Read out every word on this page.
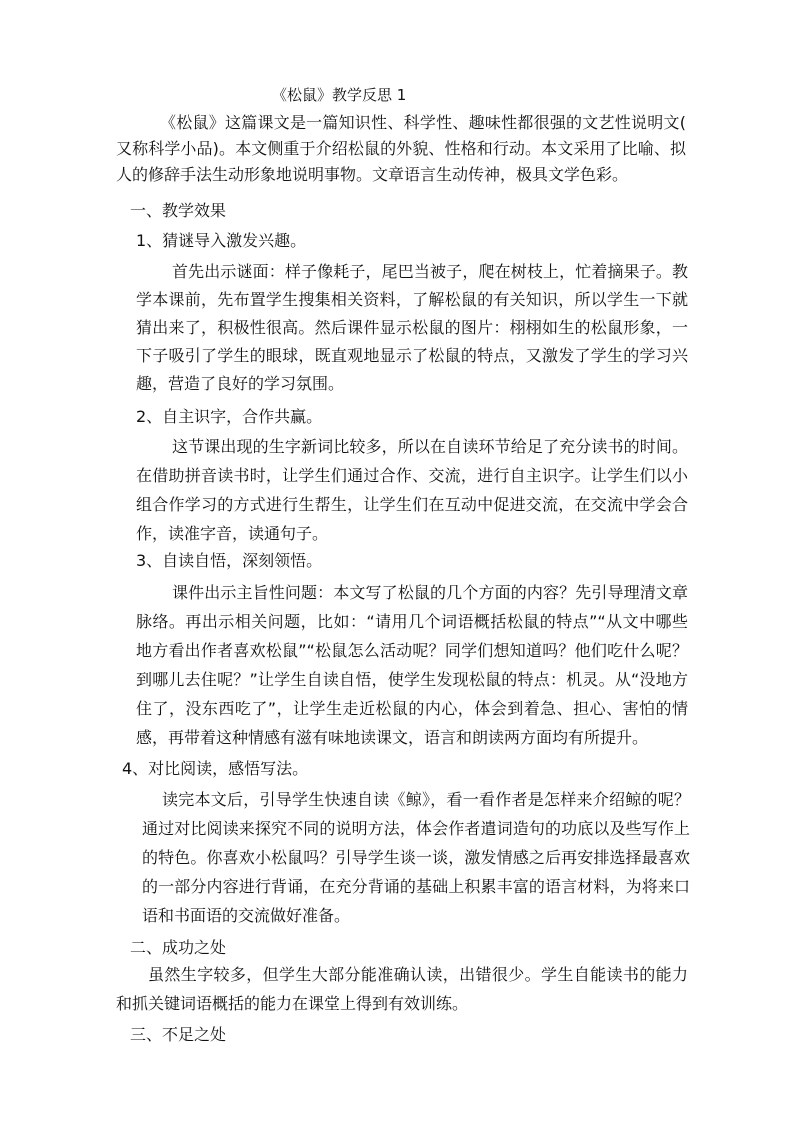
《松鼠》教学反思 1

《松鼠》这篇课文是一篇知识性、科学性、趣味性都很强的文艺性说明文(又称科学小品)。本文侧重于介绍松鼠的外貌、性格和行动。本文采用了比喻、拟人的修辞手法生动形象地说明事物。文章语言生动传神，极具文学色彩。

一、教学效果
1、猜谜导入激发兴趣。

首先出示谜面：样子像耗子，尾巴当被子，爬在树枝上，忙着摘果子。教学本课前，先布置学生搜集相关资料，了解松鼠的有关知识，所以学生一下就猜出来了，积极性很高。然后课件显示松鼠的图片：栩栩如生的松鼠形象，一下子吸引了学生的眼球，既直观地显示了松鼠的特点，又激发了学生的学习兴趣，营造了良好的学习氛围。

2、自主识字，合作共赢。

这节课出现的生字新词比较多，所以在自读环节给足了充分读书的时间。在借助拼音读书时，让学生们通过合作、交流，进行自主识字。让学生们以小组合作学习的方式进行生帮生，让学生们在互动中促进交流，在交流中学会合作，读准字音，读通句子。

3、自读自悟，深刻领悟。

课件出示主旨性问题：本文写了松鼠的几个方面的内容？先引导理清文章脉络。再出示相关问题，比如：“请用几个词语概括松鼠的特点”“从文中哪些地方看出作者喜欢松鼠”“松鼠怎么活动呢？同学们想知道吗？他们吃什么呢？到哪儿去住呢？”让学生自读自悟，使学生发现松鼠的特点：机灵。从“没地方住了，没东西吃了”，让学生走近松鼠的内心，体会到着急、担心、害怕的情感，再带着这种情感有滋有味地读课文，语言和朗读两方面均有所提升。

4、对比阅读，感悟写法。

读完本文后，引导学生快速自读《鲸》，看一看作者是怎样来介绍鲸的呢？通过对比阅读来探究不同的说明方法，体会作者遣词造句的功底以及些写作上的特色。你喜欢小松鼠吗？引导学生谈一谈，激发情感之后再安排选择最喜欢的一部分内容进行背诵，在充分背诵的基础上积累丰富的语言材料，为将来口语和书面语的交流做好准备。

二、成功之处

虽然生字较多，但学生大部分能准确认读，出错很少。学生自能读书的能力和抓关键词语概括的能力在课堂上得到有效训练。

三、不足之处
